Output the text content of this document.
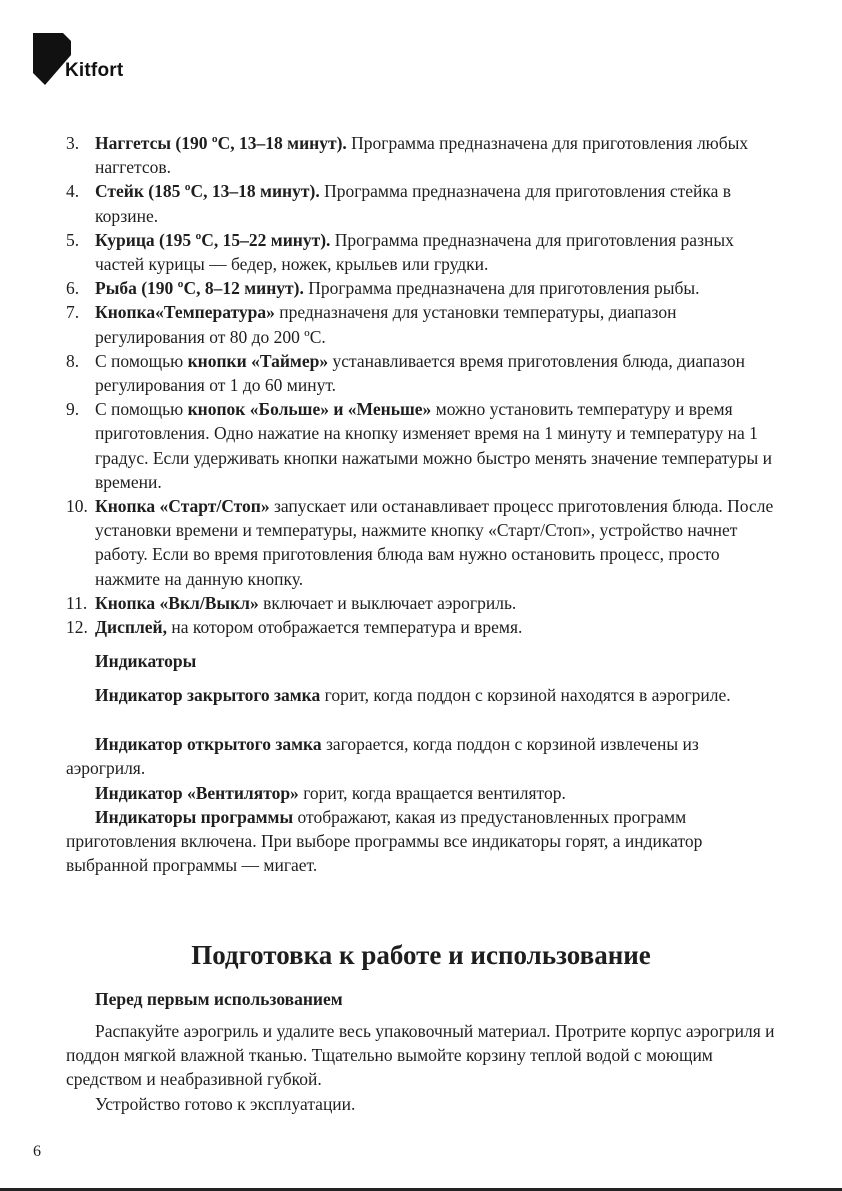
Kitfort
3. Наггетсы (190 ºС, 13–18 минут). Программа предназначена для приготовления любых наггетсов.
4. Стейк (185 ºС, 13–18 минут). Программа предназначена для приготовления стейка в корзине.
5. Курица (195 ºС, 15–22 минут). Программа предназначена для приготовления разных частей курицы — бедер, ножек, крыльев или грудки.
6. Рыба (190 ºС, 8–12 минут). Программа предназначена для приготовления рыбы.
7. Кнопка«Температура» предназначеня для установки температуры, диапазон регулирования от 80 до 200 ºС.
8. С помощью кнопки «Таймер» устанавливается время приготовления блюда, диапазон регулирования от 1 до 60 минут.
9. С помощью кнопок «Больше» и «Меньше» можно установить температуру и время приготовления. Одно нажатие на кнопку изменяет время на 1 минуту и температуру на 1 градус. Если удерживать кнопки нажатыми можно быстро менять значение температуры и времени.
10. Кнопка «Старт/Стоп» запускает или останавливает процесс приготовления блюда. После установки времени и температуры, нажмите кнопку «Старт/Стоп», устройство начнет работу. Если во время приготовления блюда вам нужно остановить процесс, просто нажмите на данную кнопку.
11. Кнопка «Вкл/Выкл» включает и выключает аэрогриль.
12. Дисплей, на котором отображается температура и время.
Индикаторы
Индикатор закрытого замка горит, когда поддон с корзиной находятся в аэрогриле.
Индикатор открытого замка загорается, когда поддон с корзиной извлечены из аэрогриля.
Индикатор «Вентилятор» горит, когда вращается вентилятор.
Индикаторы программы отображают, какая из предустановленных программ приготовления включена. При выборе программы все индикаторы горят, а индикатор выбранной программы — мигает.
Подготовка к работе и использование
Перед первым использованием
Распакуйте аэрогриль и удалите весь упаковочный материал. Протрите корпус аэрогриля и поддон мягкой влажной тканью. Тщательно вымойте корзину теплой водой с моющим средством и неабразивной губкой.
Устройство готово к эксплуатации.
6
